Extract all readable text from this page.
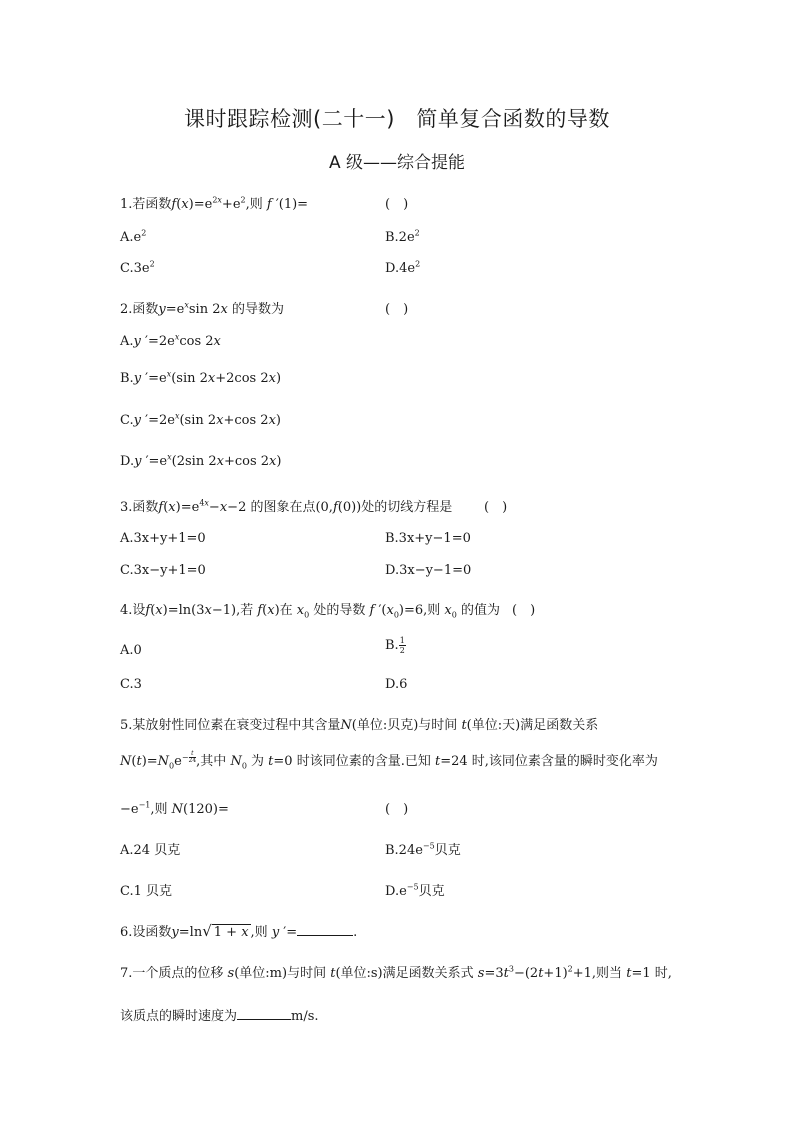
课时跟踪检测(二十一)　简单复合函数的导数
A 级——综合提能
1.若函数$f(x)=e^{2x}+e^2$,则 f ′(1)=	(　)
$A.e^2$	$B.2e^2$
$C.3e^2$	$D.4e^2$
2.函数$y=e^x\sin$ 2x 的导数为	(　)
A.y $'=2e^x\cos$ 2x
B.y $'=e^x(\sin$ 2x+2cos 2x)
C.y $'=2e^x(\sin$ 2x+cos 2x)
D.y $'=e^x(2\sin$ 2x+cos 2x)
3.函数$f(x)=e^{4x}-x-2$ 的图象在点(0,f(0))处的切线方程是 (　)
A.3x+y+1=0	B.3x+y−1=0
C.3x−y+1=0	D.3x−y−1=0
4.设f(x)=ln(3x−1),若 f(x)在 $x_0$ 处的导数 f $'(x_0)=6$,则 $x_0$ 的值为 (　)
A.0	B. $\frac{1}{2}$
C.3	D.6
5.某放射性同位素在衰变过程中其含量N(单位:贝克)与时间 t(单位:天)满足函数关系
$N(t)=N_0e^{- \frac{t}{24}}$ ,其中 $N_0$ 为 t=0 时该同位素的含量.已知 t=24 时,该同位素含量的瞬时变化率为
$-e^{-1}$,则 N(120)=	(　)
A.24 贝克	$B.24e^{-5}$贝克
C.1 贝克	$D.e^{-5}$贝克
6.设函数y=ln√ 1 + x ,则 y ′=	.
7.一个质点的位移 s(单位:m)与时间 t(单位:s)满足函数关系式 $s=3t^3-(2t+1)^2+1$,则当 t=1 时,
该质点的瞬时速度为	m/s.
